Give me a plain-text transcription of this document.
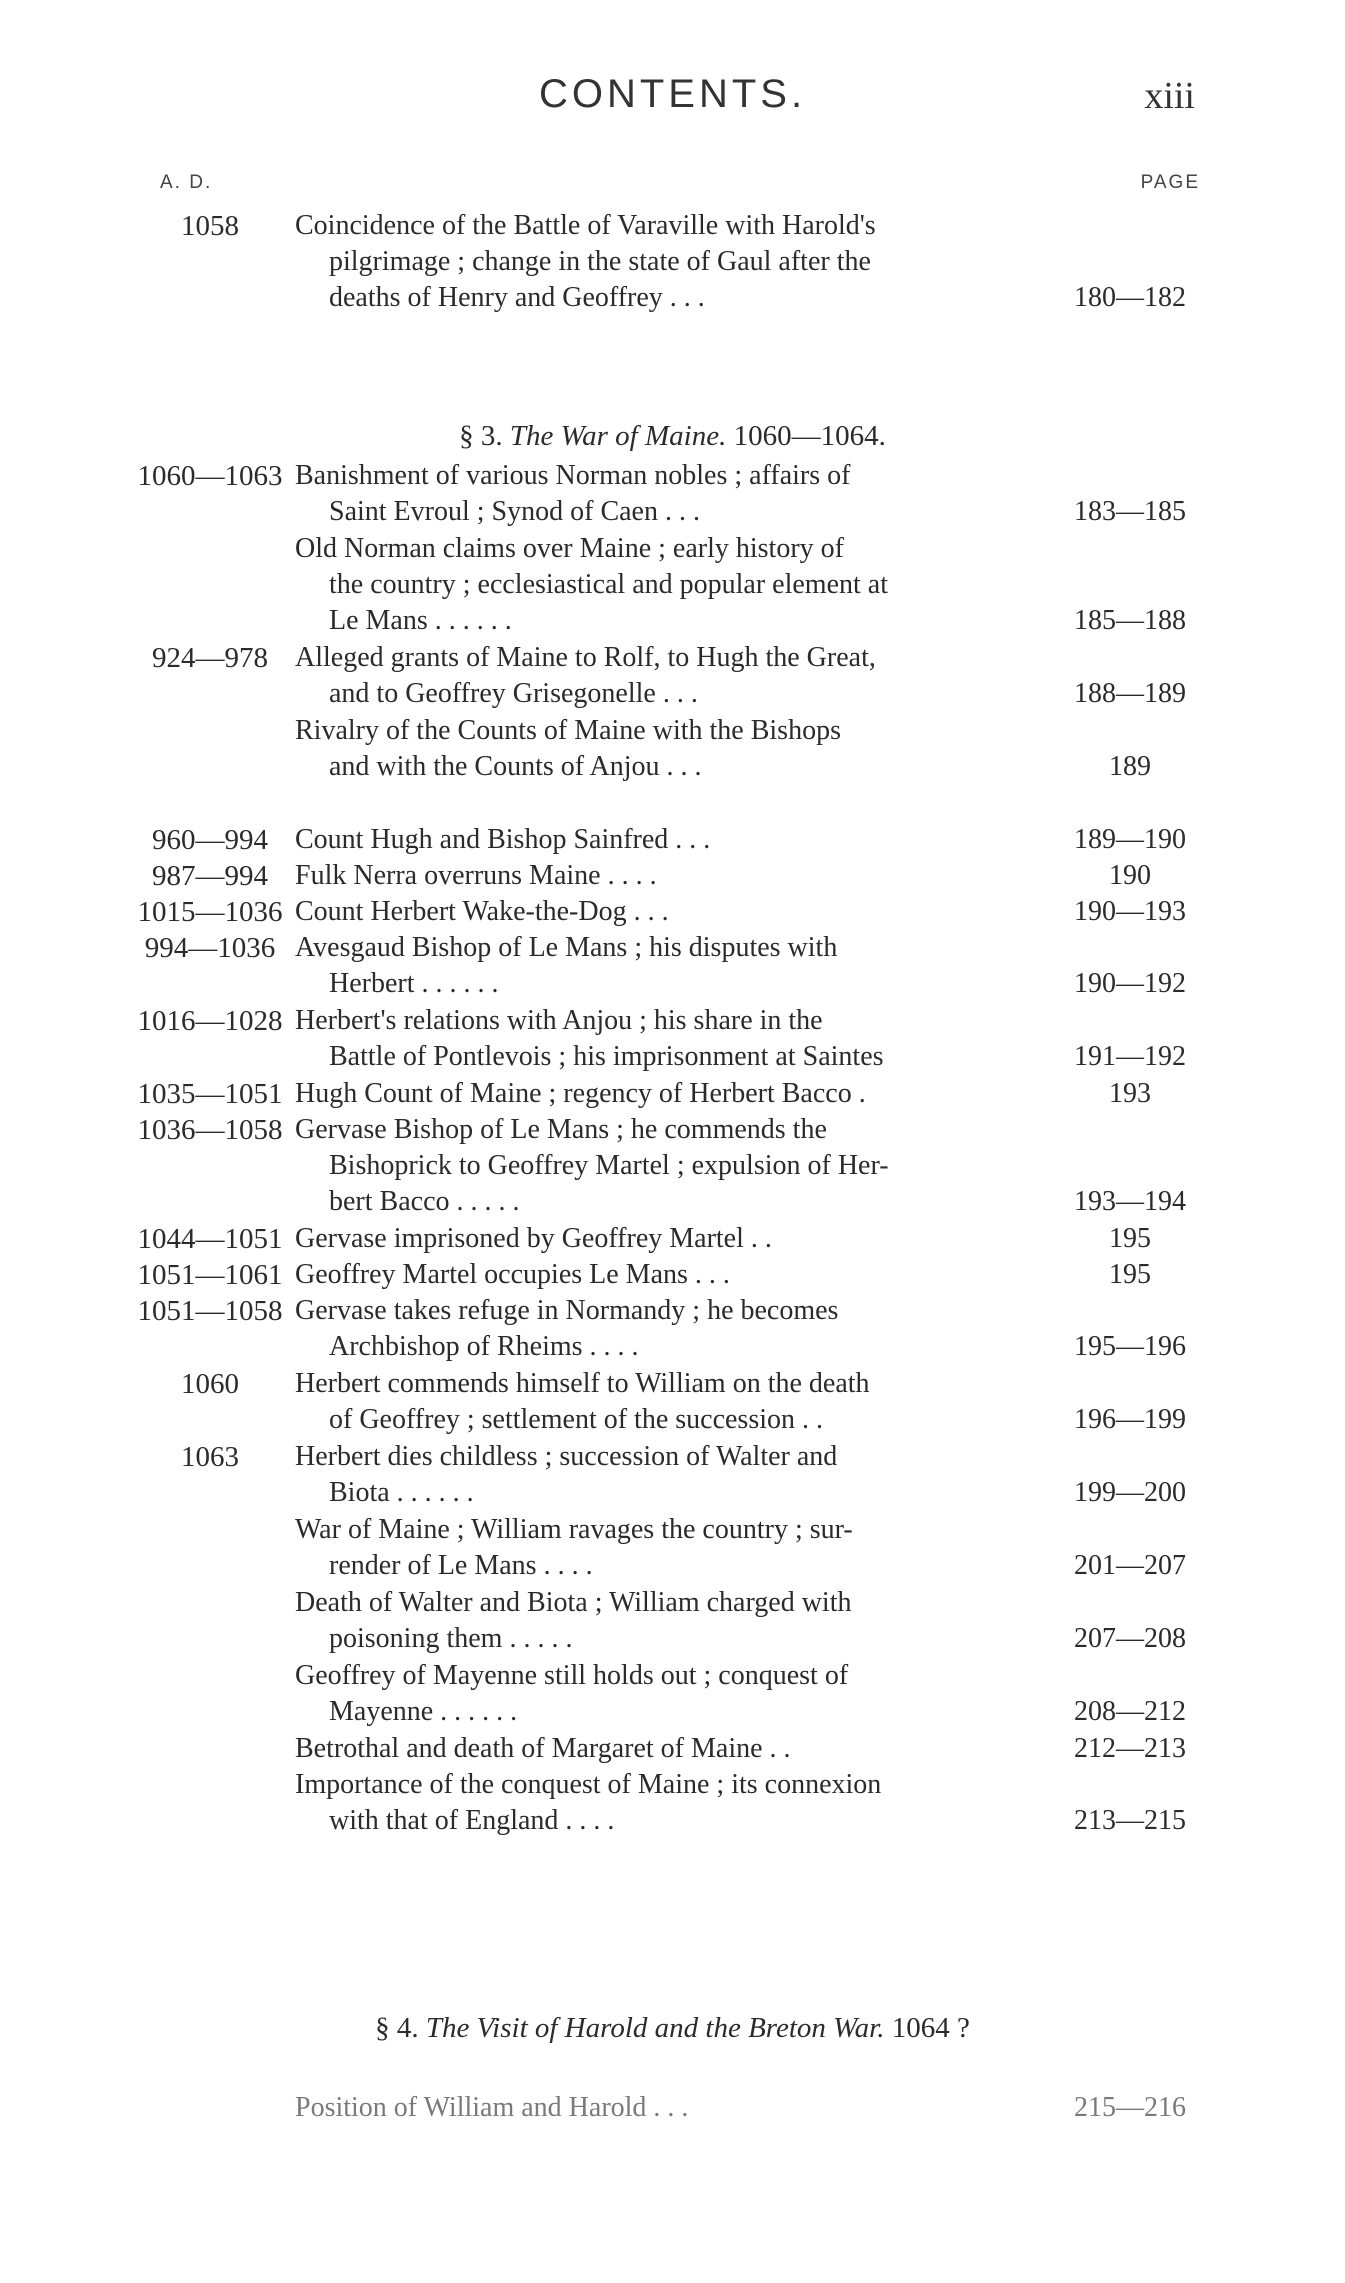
CONTENTS.	xiii
A. D.	PAGE
1058	Coincidence of the Battle of Varaville with Harold's
pilgrimage ; change in the state of Gaul after the
deaths of Henry and Geoffrey . . .	180—182
§ 3. The War of Maine. 1060—1064.
1060—1063 Banishment of various Norman nobles ; affairs of
Saint Evroul ; Synod of Caen . . .	183—185
Old Norman claims over Maine ; early history of
the country ; ecclesiastical and popular element at
Le Mans . . . . . .	185—188
924—978 Alleged grants of Maine to Rolf, to Hugh the Great,
and to Geoffrey Grisegonelle . . .	188—189
Rivalry of the Counts of Maine with the Bishops
and with the Counts of Anjou . . .	189
960—994 Count Hugh and Bishop Sainfred . . .	189—190
987—994 Fulk Nerra overruns Maine . . . .	190
1015—1036 Count Herbert Wake-the-Dog . . .	190—193
994—1036 Avesgaud Bishop of Le Mans ; his disputes with
Herbert . . . . . .	190—192
1016—1028 Herbert's relations with Anjou ; his share in the
Battle of Pontlevois ; his imprisonment at Saintes	191—192
1035—1051 Hugh Count of Maine ; regency of Herbert Bacco .	193
1036—1058 Gervase Bishop of Le Mans ; he commends the
Bishoprick to Geoffrey Martel ; expulsion of Her-
bert Bacco . . . . .	193—194
1044—1051 Gervase imprisoned by Geoffrey Martel . .	195
1051—1061 Geoffrey Martel occupies Le Mans . . .	195
1051—1058 Gervase takes refuge in Normandy ; he becomes
Archbishop of Rheims . . . .	195—196
1060	Herbert commends himself to William on the death
of Geoffrey ; settlement of the succession . .	196—199
1063	Herbert dies childless ; succession of Walter and
Biota . . . . . .	199—200
War of Maine ; William ravages the country ; sur-
render of Le Mans . . . .	201—207
Death of Walter and Biota ; William charged with
poisoning them . . . . .	207—208
Geoffrey of Mayenne still holds out ; conquest of
Mayenne . . . . . .	208—212
Betrothal and death of Margaret of Maine . .	212—213
Importance of the conquest of Maine ; its connexion
with that of England . . . .	213—215
§ 4. The Visit of Harold and the Breton War. 1064 ?
Position of William and Harold . . .	215—216
